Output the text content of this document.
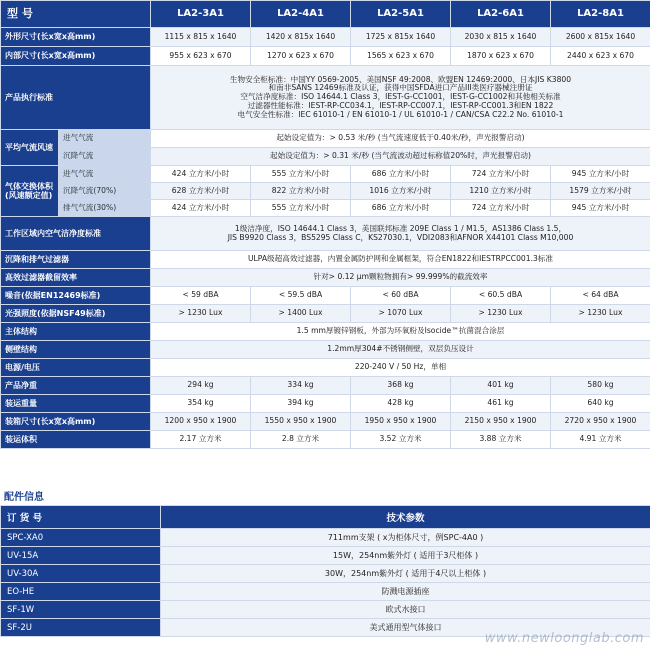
型 号		LA2-3A1	LA2-4A1	LA2-5A1	LA2-6A1	LA2-8A1
外形尺寸(长x宽x高mm)		1115 x 815 x 1640	1420 x 815x 1640	1725 x 815x 1640	2030 x 815 x 1640	2600 x 815x 1640
内部尺寸(长x宽x高mm)		955 x 623 x 670	1270 x 623 x 670	1565 x 623 x 670	1870 x 623 x 670	2440 x 623 x 670
产品执行标准		生物安全柜标准：中国YY 0569-2005、美国NSF 49:2008、欧盟EN 12469:2000、日本JIS K3800
和南非SANS 12469标准及认证，获得中国SFDA进口产品III类医疗器械注册证
空气洁净度标准：ISO 14644.1 Class 3，IEST-G-CC1001，IEST-G-CC1002和其他相关标准
过滤器性能标准：IEST-RP-CC034.1，IEST-RP-CC007.1，IEST-RP-CC001.3和EN 1822
电气安全性标准：IEC 61010-1 / EN 61010-1 / UL 61010-1 / CAN/CSA C22.2 No. 61010-1				

平均气流风速	进气气流	起始设定值为：> 0.53 米/秒 (当气流速度低于0.40米/秒，声光报警启动)				
	沉降气流	起始设定值为：> 0.31 米/秒 (当气流波动超过标称值20%时，声光报警启动)				
气体交换体积(风速额定值)	进气气流	424 立方米/小时	555 立方米/小时	686 立方米/小时	724 立方米/小时	945 立方米/小时
	沉降气流(70%)	628 立方米/小时	822 立方米/小时	1016 立方米/小时	1210 立方米/小时	1579 立方米/小时
	排气气流(30%)	424 立方米/小时	555 立方米/小时	686 立方米/小时	724 立方米/小时	945 立方米/小时
工作区域内空气洁净度标准		1级洁净度，ISO 14644.1 Class 3，美国联邦标准 209E Class 1 / M1.5，AS1386 Class 1.5，
JIS B9920 Class 3，BS5295 Class C，KS27030.1，VDI2083和AFNOR X44101 Class M10,000				

沉降和排气过滤器		ULPA级超高效过滤器，内置金属防护网和金属框架，符合EN1822和IESTRPCC001.3标准				
高效过滤器截留效率		针对> 0.12 μm颗粒物拥有> 99.999%的截流效率				
噪音(依据EN12469标准)		< 59 dBA	< 59.5 dBA	< 60 dBA	< 60.5 dBA	< 64 dBA
光强照度(依据NSF49标准)		> 1230 Lux	> 1400 Lux	> 1070 Lux	> 1230 Lux	> 1230 Lux
主体结构		1.5 mm厚镀锌钢板，外部为环氧粉及Isocide™抗菌混合涂层				
侧壁结构		1.2mm厚304#不锈钢侧壁，双层负压设计				
电源/电压		220-240 V / 50 Hz，单相				
产品净重		294 kg	334 kg	368 kg	401 kg	580 kg
装运重量		354 kg	394 kg	428 kg	461 kg	640 kg
装箱尺寸(长x宽x高mm)		1200 x 950 x 1900	1550 x 950 x 1900	1950 x 950 x 1900	2150 x 950 x 1900	2720 x 950 x 1900
装运体积		2.17 立方米	2.8 立方米	3.52 立方米	3.88 立方米	4.91 立方米
配件信息
订 货 号	技术参数
SPC-XA0	711mm支架 ( x为柜体尺寸，例SPC-4A0 )
UV-15A	15W，254nm紫外灯 ( 适用于3尺柜体 )
UV-30A	30W，254nm紫外灯 ( 适用于4尺以上柜体 )
EO-HE	防溅电源插座
SF-1W	欧式水接口
SF-2U	美式通用型气体接口
www.newloonglab.com
